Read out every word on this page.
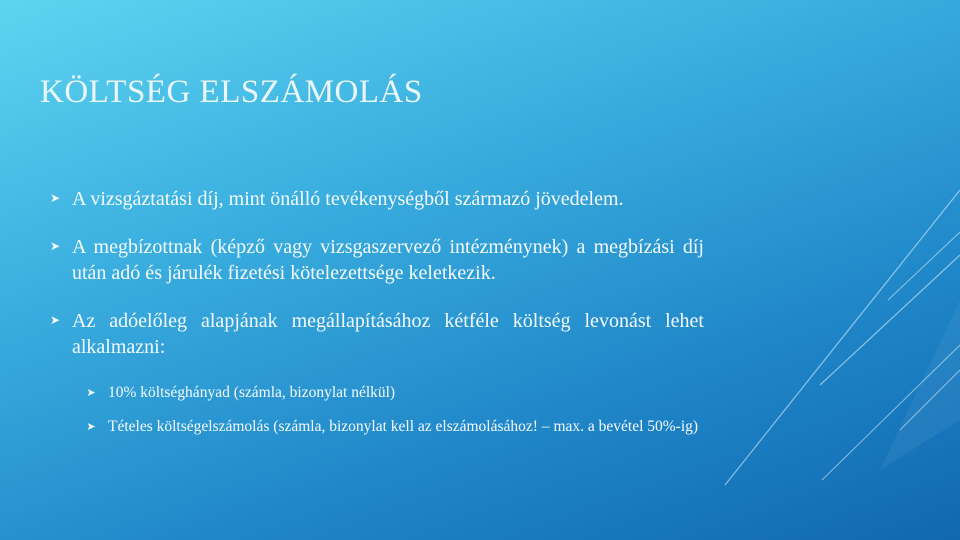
KÖLTSÉG ELSZÁMOLÁS
➤ A vizsgáztatási díj, mint önálló tevékenységből származó jövedelem.
➤ A megbízottnak (képző vagy vizsgaszervező intézménynek) a megbízási díj után adó és járulék fizetési kötelezettsége keletkezik.
➤ Az adóelőleg alapjának megállapításához kétféle költség levonást lehet alkalmazni:
➤ 10% költséghányad (számla, bizonylat nélkül)
➤ Tételes költségelszámolás (számla, bizonylat kell az elszámolásához! – max. a bevétel 50%-ig)
